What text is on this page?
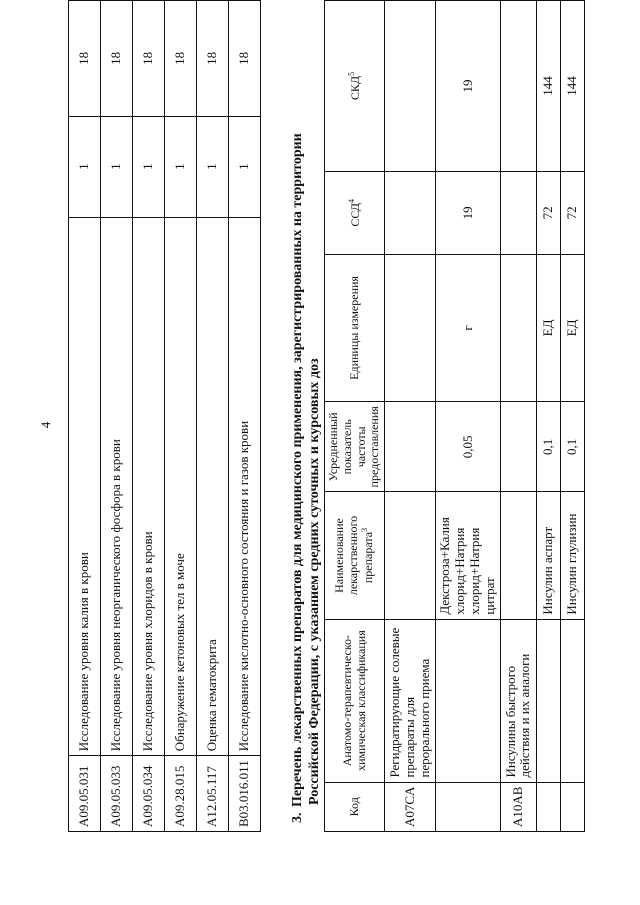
4
A09.05.031	Исследование уровня калия в крови	1	18
A09.05.033	Исследование уровня неорганического фосфора в крови	1	18
A09.05.034	Исследование уровня хлоридов в крови	1	18
A09.28.015	Обнаружение кетоновых тел в моче	1	18
A12.05.117	Оценка гематокрита	1	18
B03.016.011	Исследование кислотно-основного состояния и газов крови	1	18
3.Перечень лекарственных препаратов для медицинского применения, зарегистрированных на территории Российской Федерации, с указанием средних суточных и курсовых доз
Код	Анатомо-терапевтическо-химическая классификация	Наименование лекарственного препарата$^3$	Усредненный показатель частоты предоставления	Единицы измерения	ССД$^4$	СКД$^5$
A07CA	Регидратирующие солевые препараты для перорального приема					
		Декстроза+Калия хлорид+Натрия хлорид+Натрия цитрат	0,05	г	19	19
A10AB	Инсулины быстрого действия и их аналоги					
		Инсулин аспарт	0,1	ЕД	72	144
		Инсулин глулизин	0,1	ЕД	72	144
